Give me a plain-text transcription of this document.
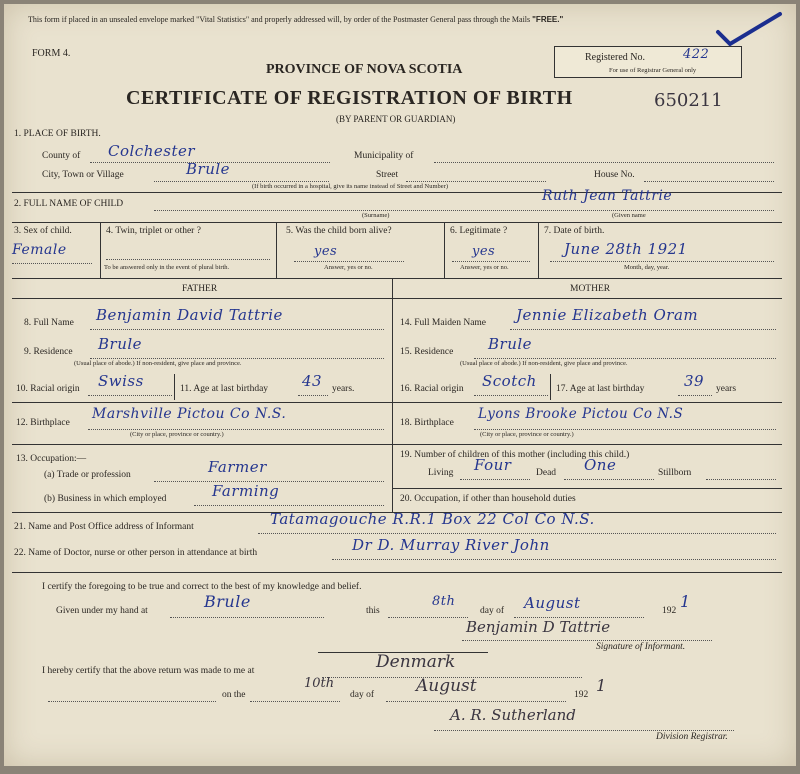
This form if placed in an unsealed envelope marked "Vital Statistics" and properly addressed will, by order of the Postmaster General pass through the Mails "FREE."
FORM 4.
PROVINCE OF NOVA SCOTIA
Registered No.	422
For use of Registrar General only
CERTIFICATE OF REGISTRATION OF BIRTH	650211
(BY PARENT OR GUARDIAN)
1. PLACE OF BIRTH.
County of Colchester	Municipality of
City, Town or Village	Brule	Street	House No.
(If birth occurred in a hospital, give its name instead of Street and Number)
2. FULL NAME OF CHILD	Ruth Jean Tattrie
(Surname)	(Given name
3. Sex of child.
Female
4. Twin, triplet or other ?
To be answered only in the event of plural birth.
5. Was the child born alive?
yes
Answer, yes or no.
6. Legitimate ?
yes
Answer, yes or no.
7. Date of birth.
June 28th 1921
Month, day, year.
FATHER	MOTHER
8. Full Name Benjamin David Tattrie
9. Residence Brule
(Usual place of abode.) If non-resident, give place and province.
10. Racial origin Swiss	11. Age at last birthday 43 years.
12. Birthplace
Marshville Pictou Co N.S.
(City or place, province or country.)
13. Occupation:—
(a) Trade or profession	Farmer
(b) Business in which employed	Farming
14. Full Maiden Name Jennie Elizabeth Oram
15. Residence Brule
(Usual place of abode.) If non-resident, give place and province.
16. Racial origin Scotch 17. Age at last birthday	39 years
18. Birthplace
Lyons Brooke Pictou Co N.S
(City or place, province or country.)
19. Number of children of this mother (including this child.)
Living Four	Dead One	Stillborn
20. Occupation, if other than household duties
21. Name and Post Office address of Informant	Tatamagouche R.R.1 Box 22 Col Co N.S.
22. Name of Doctor, nurse or other person in attendance at birth	Dr D. Murray River John
I certify the foregoing to be true and correct to the best of my knowledge and belief.
Given under my hand at	Brule	this
8th
day of August	192 1
Benjamin D Tattrie
Signature of Informant.
I hereby certify that the above return was made to me at	Denmark
on the
10th
day of August	192 1
A. R. Sutherland
Division Registrar.
